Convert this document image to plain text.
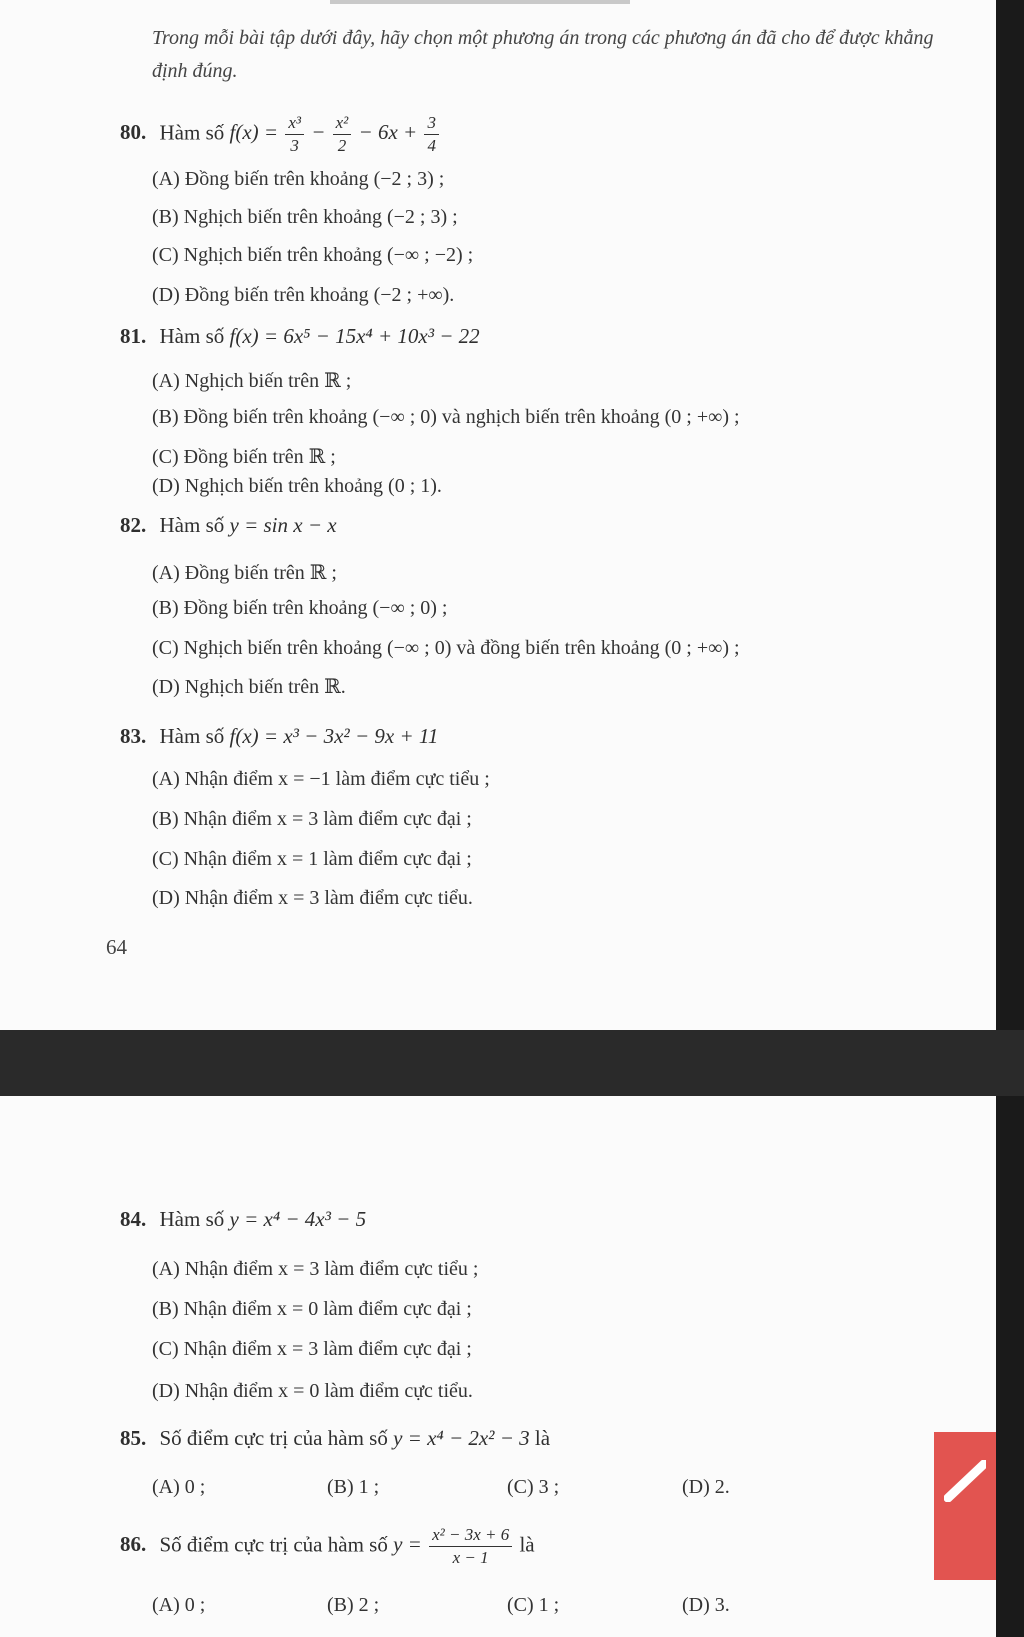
Trong mỗi bài tập dưới đây, hãy chọn một phương án trong các phương án đã cho để được khẳng định đúng.
80. Hàm số $f(x) = \frac{\text{x³}}{3} - \frac{\text{x²}}{2} - 6x + \frac{3}{4}$
(A) Đồng biến trên khoảng (−2 ; 3) ;
(B) Nghịch biến trên khoảng (−2 ; 3) ;
(C) Nghịch biến trên khoảng (−∞ ; −2) ;
(D) Đồng biến trên khoảng (−2 ; +∞).
81. Hàm số f(x) = 6x⁵ − 15x⁴ + 10x³ − 22
(A) Nghịch biến trên ℝ ;
(B) Đồng biến trên khoảng (−∞ ; 0) và nghịch biến trên khoảng (0 ; +∞) ;
(C) Đồng biến trên ℝ ;
(D) Nghịch biến trên khoảng (0 ; 1).
82. Hàm số y = sin x − x
(A) Đồng biến trên ℝ ;
(B) Đồng biến trên khoảng (−∞ ; 0) ;
(C) Nghịch biến trên khoảng (−∞ ; 0) và đồng biến trên khoảng (0 ; +∞) ;
(D) Nghịch biến trên ℝ.
83. Hàm số f(x) = x³ − 3x² − 9x + 11
(A) Nhận điểm x = −1 làm điểm cực tiểu ;
(B) Nhận điểm x = 3 làm điểm cực đại ;
(C) Nhận điểm x = 1 làm điểm cực đại ;
(D) Nhận điểm x = 3 làm điểm cực tiểu.
64
84. Hàm số y = x⁴ − 4x³ − 5
(A) Nhận điểm x = 3 làm điểm cực tiểu ;
(B) Nhận điểm x = 0 làm điểm cực đại ;
(C) Nhận điểm x = 3 làm điểm cực đại ;
(D) Nhận điểm x = 0 làm điểm cực tiểu.
85. Số điểm cực trị của hàm số y = x⁴ − 2x² − 3 là
(A) 0 ;	(B) 1 ;	(C) 3 ;	(D) 2.
86. Số điểm cực trị của hàm số $y = \frac{\text{x² − 3x + 6}}{x - 1}$ là
(A) 0 ;	(B) 2 ;	(C) 1 ;	(D) 3.
